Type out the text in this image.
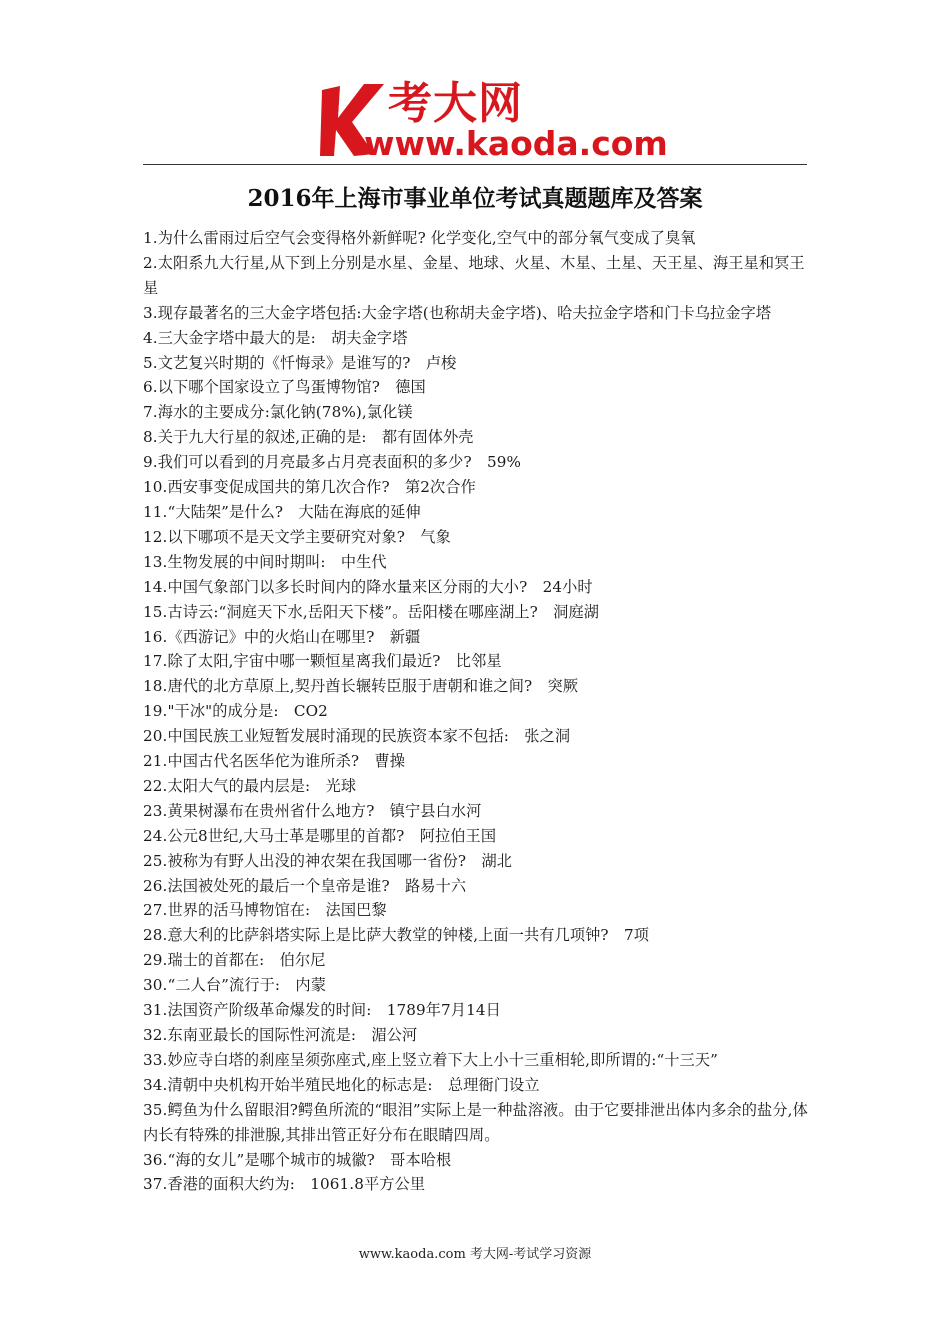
考大网
www.kaoda.com
2016年上海市事业单位考试真题题库及答案

1.为什么雷雨过后空气会变得格外新鲜呢? 化学变化,空气中的部分氧气变成了臭氧

2.太阳系九大行星,从下到上分别是水星、金星、地球、火星、木星、土星、天王星、海王星和冥王星

3.现存最著名的三大金字塔包括:大金字塔(也称胡夫金字塔)、哈夫拉金字塔和门卡乌拉金字塔

4.三大金字塔中最大的是:　胡夫金字塔

5.文艺复兴时期的《忏悔录》是谁写的?　卢梭

6.以下哪个国家设立了鸟蛋博物馆?　德国

7.海水的主要成分:氯化钠(78%),氯化镁

8.关于九大行星的叙述,正确的是:　都有固体外壳

9.我们可以看到的月亮最多占月亮表面积的多少?　59%

10.西安事变促成国共的第几次合作?　第2次合作

11.“大陆架”是什么?　大陆在海底的延伸

12.以下哪项不是天文学主要研究对象?　气象

13.生物发展的中间时期叫:　中生代

14.中国气象部门以多长时间内的降水量来区分雨的大小?　24小时

15.古诗云:“洞庭天下水,岳阳天下楼”。岳阳楼在哪座湖上?　洞庭湖

16.《西游记》中的火焰山在哪里?　新疆

17.除了太阳,宇宙中哪一颗恒星离我们最近?　比邻星

18.唐代的北方草原上,契丹酋长辗转臣服于唐朝和谁之间?　突厥

19."干冰"的成分是:　CO2

20.中国民族工业短暂发展时涌现的民族资本家不包括:　张之洞

21.中国古代名医华佗为谁所杀?　曹操

22.太阳大气的最内层是:　光球

23.黄果树瀑布在贵州省什么地方?　镇宁县白水河

24.公元8世纪,大马士革是哪里的首都?　阿拉伯王国

25.被称为有野人出没的神农架在我国哪一省份?　湖北

26.法国被处死的最后一个皇帝是谁?　路易十六

27.世界的活马博物馆在:　法国巴黎

28.意大利的比萨斜塔实际上是比萨大教堂的钟楼,上面一共有几项钟?　7项

29.瑞士的首都在:　伯尔尼

30.“二人台”流行于:　内蒙

31.法国资产阶级革命爆发的时间:　1789年7月14日

32.东南亚最长的国际性河流是:　湄公河

33.妙应寺白塔的刹座呈须弥座式,座上竖立着下大上小十三重相轮,即所谓的:“十三天”

34.清朝中央机构开始半殖民地化的标志是:　总理衙门设立

35.鳄鱼为什么留眼泪?鳄鱼所流的“眼泪”实际上是一种盐溶液。由于它要排泄出体内多余的盐分,体内长有特殊的排泄腺,其排出管正好分布在眼睛四周。

36.“海的女儿”是哪个城市的城徽?　哥本哈根

37.香港的面积大约为:　1061.8平方公里

www.kaoda.com 考大网-考试学习资源
